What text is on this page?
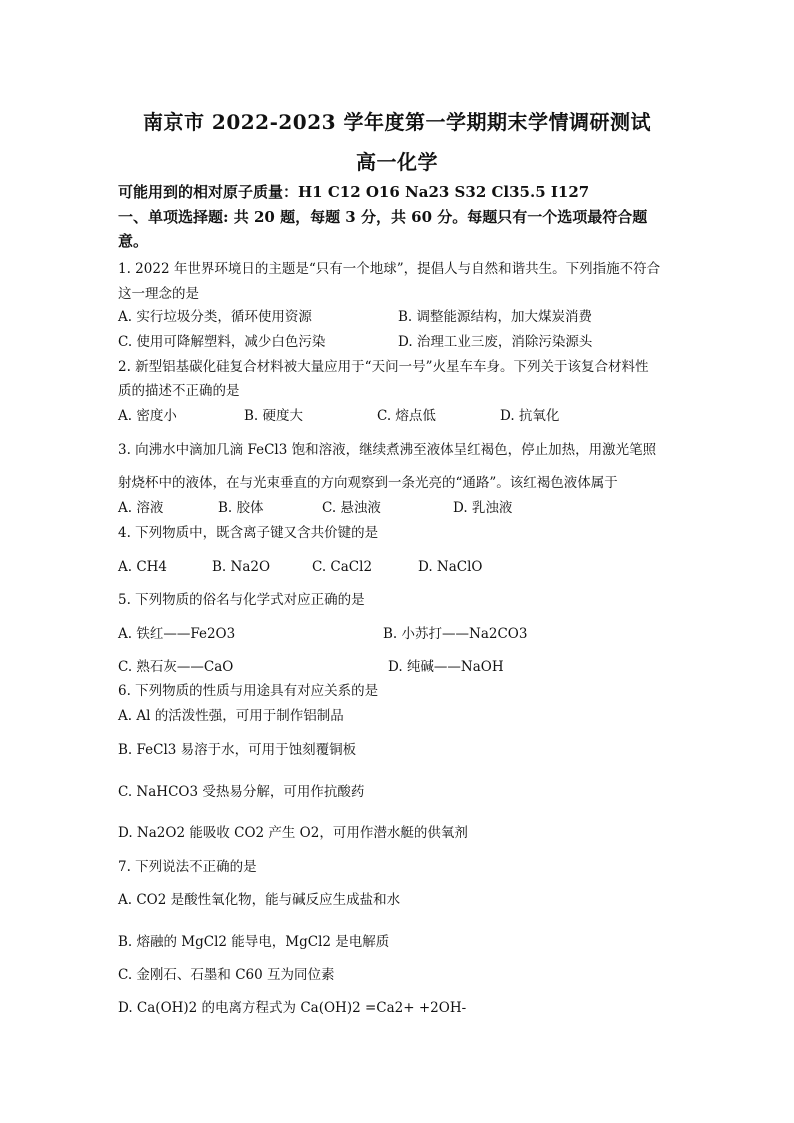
南京市 2022-2023 学年度第一学期期末学情调研测试
高一化学
可能用到的相对原子质量：H1 C12 O16 Na23 S32 Cl35.5 I127
一、单项选择题: 共 20 题，每题 3 分，共 60 分。每题只有一个选项最符合题
意。
1. 2022 年世界环境日的主题是“只有一个地球”，提倡人与自然和谐共生。下列指施不符合
这一理念的是
A. 实行垃圾分类，循环使用资源	B. 调整能源结构，加大煤炭消费
C. 使用可降解塑料，减少白色污染	D. 治理工业三废，消除污染源头
2. 新型铝基碳化硅复合材料被大量应用于“天问一号”火星车车身。下列关于该复合材料性
质的描述不正确的是
A. 密度小	B. 硬度大	C. 熔点低	D. 抗氧化
3. 向沸水中滴加几滴 FeCl3 饱和溶液，继续煮沸至液体呈红褐色，停止加热，用激光笔照
射烧杯中的液体，在与光束垂直的方向观察到一条光亮的“通路”。该红褐色液体属于
A. 溶液	B. 胶体	C. 悬浊液	D. 乳浊液
4. 下列物质中，既含离子键又含共价键的是
A. CH4	B. Na2O	C. CaCl2	D. NaClO
5. 下列物质的俗名与化学式对应正确的是
A. 铁红——Fe2O3	B. 小苏打——Na2CO3
C. 熟石灰——CaO	D. 纯碱——NaOH
6. 下列物质的性质与用途具有对应关系的是
A. Al 的活泼性强，可用于制作铝制品
B. FeCl3 易溶于水，可用于蚀刻覆铜板
C. NaHCO3 受热易分解，可用作抗酸药
D. Na2O2 能吸收 CO2 产生 O2，可用作潜水艇的供氧剂
7. 下列说法不正确的是
A. CO2 是酸性氧化物，能与碱反应生成盐和水
B. 熔融的 MgCl2 能导电，MgCl2 是电解质
C. 金刚石、石墨和 C60 互为同位素
D. Ca(OH)2 的电离方程式为 Ca(OH)2 =Ca2+ +2OH-
